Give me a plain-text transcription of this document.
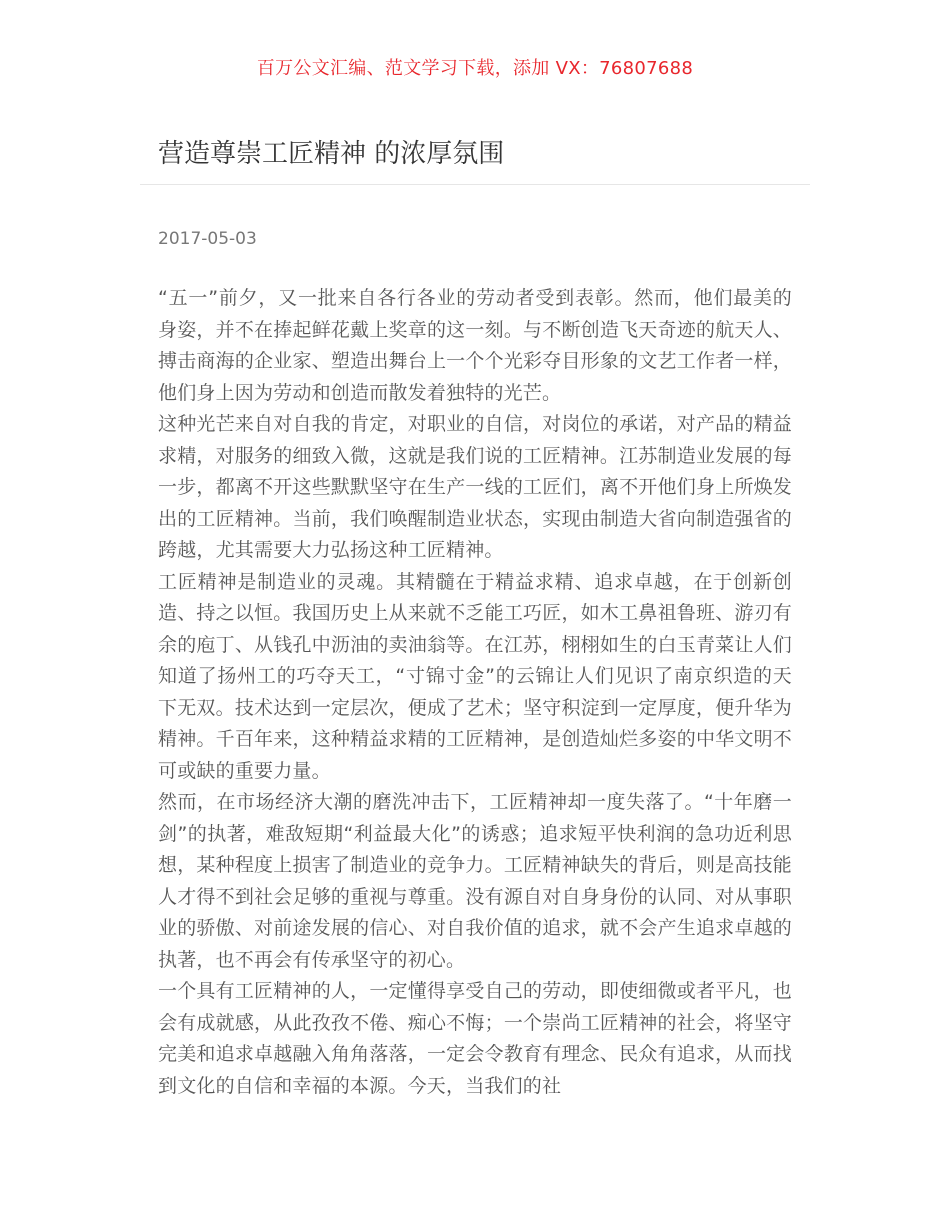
百万公文汇编、范文学习下载，添加 VX：76807688
营造尊崇工匠精神 的浓厚氛围
2017-05-03

“五一”前夕，又一批来自各行各业的劳动者受到表彰。然而，他们最美的身姿，并不在捧起鲜花戴上奖章的这一刻。与不断创造飞天奇迹的航天人、搏击商海的企业家、塑造出舞台上一个个光彩夺目形象的文艺工作者一样，他们身上因为劳动和创造而散发着独特的光芒。

这种光芒来自对自我的肯定，对职业的自信，对岗位的承诺，对产品的精益求精，对服务的细致入微，这就是我们说的工匠精神。江苏制造业发展的每一步，都离不开这些默默坚守在生产一线的工匠们，离不开他们身上所焕发出的工匠精神。当前，我们唤醒制造业状态，实现由制造大省向制造强省的跨越，尤其需要大力弘扬这种工匠精神。

工匠精神是制造业的灵魂。其精髓在于精益求精、追求卓越，在于创新创造、持之以恒。我国历史上从来就不乏能工巧匠，如木工鼻祖鲁班、游刃有余的庖丁、从钱孔中沥油的卖油翁等。在江苏，栩栩如生的白玉青菜让人们知道了扬州工的巧夺天工，“寸锦寸金”的云锦让人们见识了南京织造的天下无双。技术达到一定层次，便成了艺术；坚守积淀到一定厚度，便升华为精神。千百年来，这种精益求精的工匠精神，是创造灿烂多姿的中华文明不可或缺的重要力量。

然而，在市场经济大潮的磨洗冲击下，工匠精神却一度失落了。“十年磨一剑”的执著，难敌短期“利益最大化”的诱惑；追求短平快利润的急功近利思想，某种程度上损害了制造业的竞争力。工匠精神缺失的背后，则是高技能人才得不到社会足够的重视与尊重。没有源自对自身身份的认同、对从事职业的骄傲、对前途发展的信心、对自我价值的追求，就不会产生追求卓越的执著，也不再会有传承坚守的初心。

一个具有工匠精神的人，一定懂得享受自己的劳动，即使细微或者平凡，也会有成就感，从此孜孜不倦、痴心不悔；一个崇尚工匠精神的社会，将坚守完美和追求卓越融入角角落落，一定会令教育有理念、民众有追求，从而找到文化的自信和幸福的本源。今天，当我们的社
